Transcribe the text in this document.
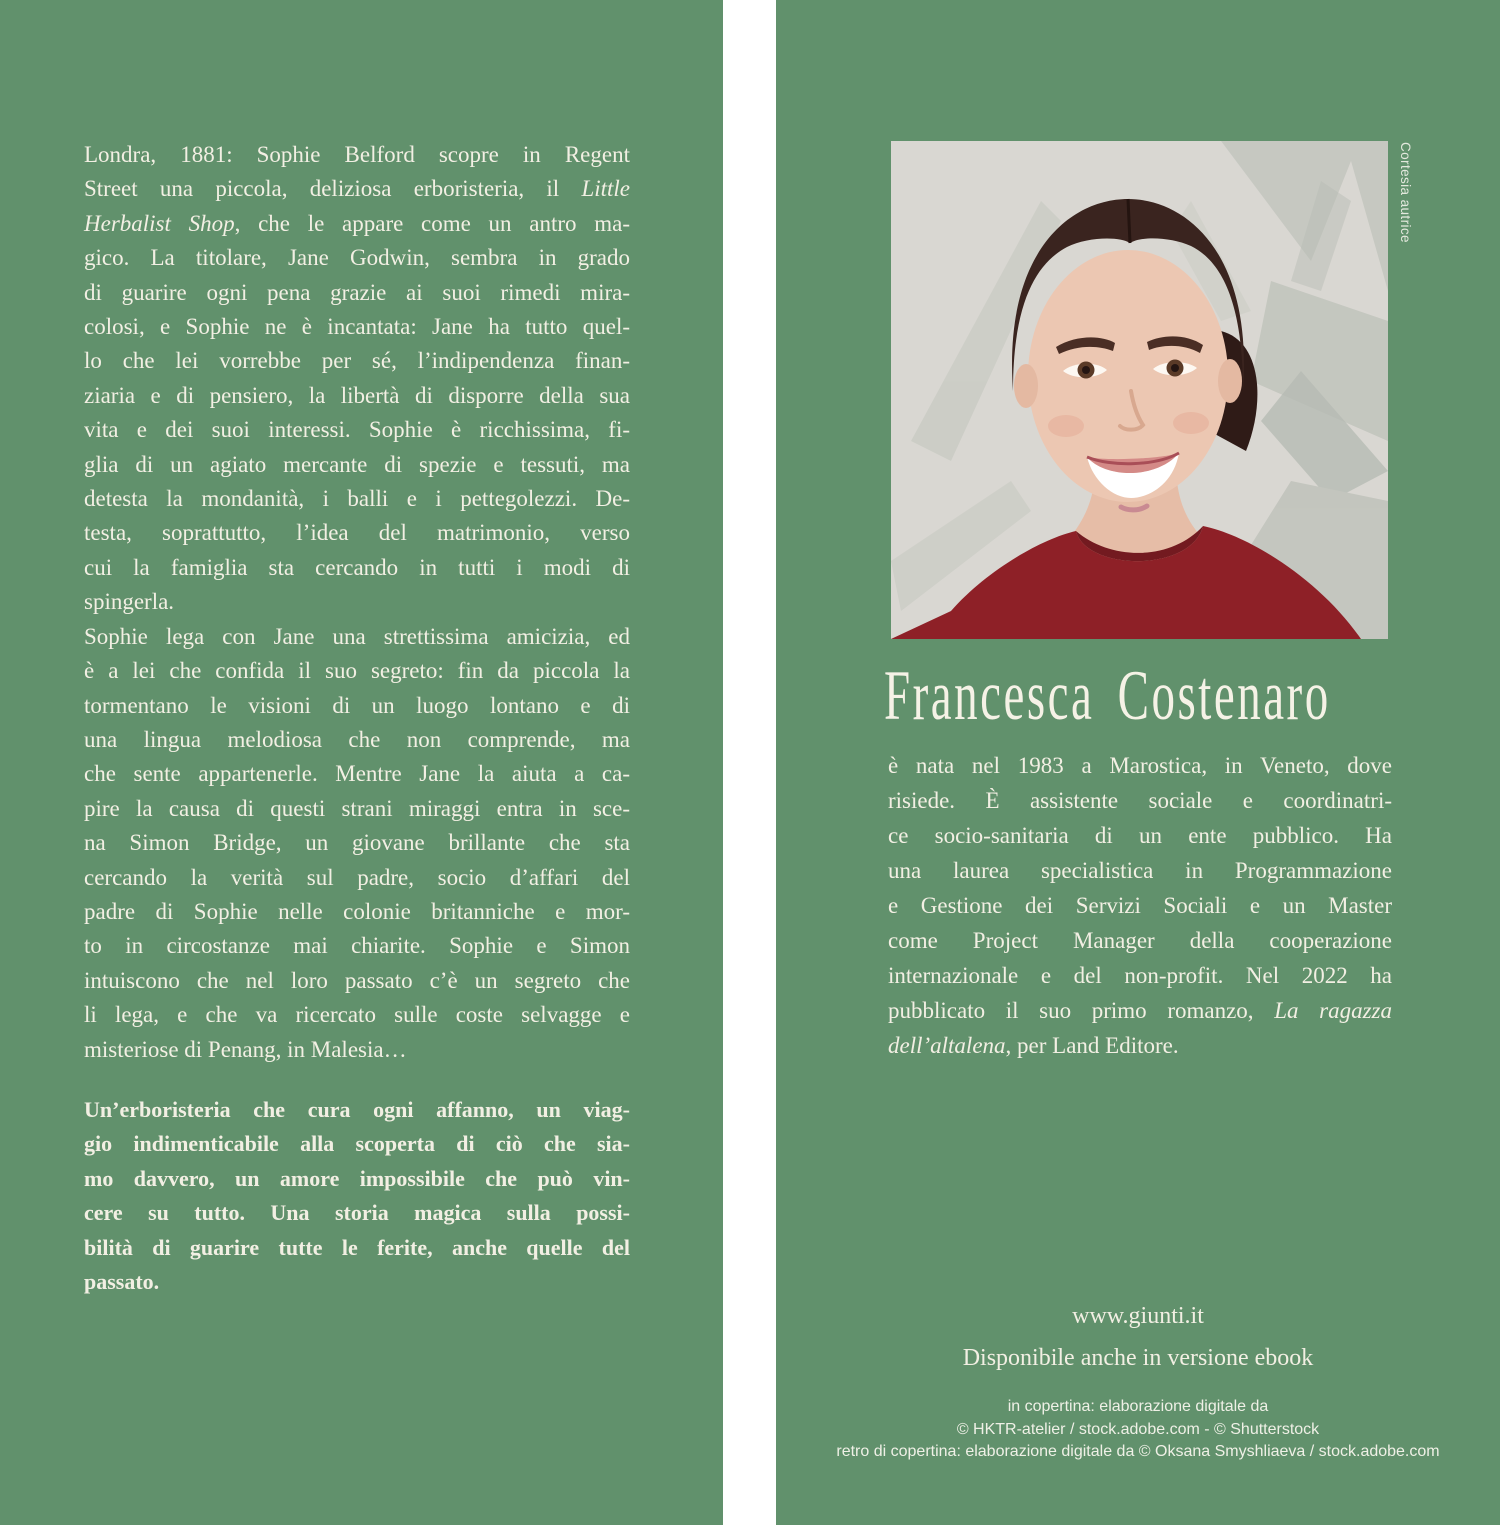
Londra, 1881: Sophie Belford scopre in Regent
Street una piccola, deliziosa erboristeria, il Little
Herbalist Shop, che le appare come un antro ma-
gico. La titolare, Jane Godwin, sembra in grado
di guarire ogni pena grazie ai suoi rimedi mira-
colosi, e Sophie ne è incantata: Jane ha tutto quel-
lo che lei vorrebbe per sé, l’indipendenza finan-
ziaria e di pensiero, la libertà di disporre della sua
vita e dei suoi interessi. Sophie è ricchissima, fi-
glia di un agiato mercante di spezie e tessuti, ma
detesta la mondanità, i balli e i pettegolezzi. De-
testa, soprattutto, l’idea del matrimonio, verso
cui la famiglia sta cercando in tutti i modi di
spingerla.
Sophie lega con Jane una strettissima amicizia, ed
è a lei che confida il suo segreto: fin da piccola la
tormentano le visioni di un luogo lontano e di
una lingua melodiosa che non comprende, ma
che sente appartenerle. Mentre Jane la aiuta a ca-
pire la causa di questi strani miraggi entra in sce-
na Simon Bridge, un giovane brillante che sta
cercando la verità sul padre, socio d’affari del
padre di Sophie nelle colonie britanniche e mor-
to in circostanze mai chiarite. Sophie e Simon
intuiscono che nel loro passato c’è un segreto che
li lega, e che va ricercato sulle coste selvagge e
misteriose di Penang, in Malesia…
Un’erboristeria che cura ogni affanno, un viag-
gio indimenticabile alla scoperta di ciò che sia-
mo davvero, un amore impossibile che può vin-
cere su tutto. Una storia magica sulla possi-
bilità di guarire tutte le ferite, anche quelle del
passato.
Cortesia autrice
Francesca Costenaro
è nata nel 1983 a Marostica, in Veneto, dove
risiede. È assistente sociale e coordinatri-
ce socio-sanitaria di un ente pubblico. Ha
una laurea specialistica in Programmazione
e Gestione dei Servizi Sociali e un Master
come Project Manager della cooperazione
internazionale e del non-profit. Nel 2022 ha
pubblicato il suo primo romanzo, La ragazza
dell’altalena, per Land Editore.
www.giunti.it
Disponibile anche in versione ebook
in copertina: elaborazione digitale da
© HKTR-atelier / stock.adobe.com - © Shutterstock
retro di copertina: elaborazione digitale da © Oksana Smyshliaeva / stock.adobe.com
